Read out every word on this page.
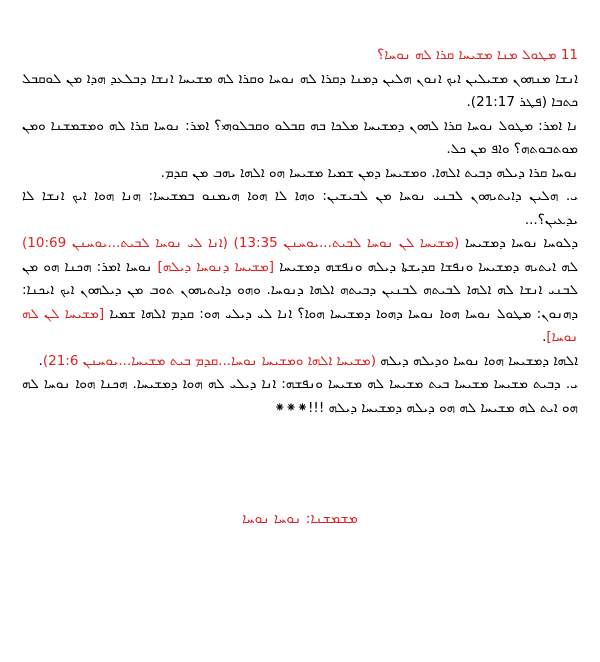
11 ܡܛܘܠ ܡܢܐ ܡܫܝܚܐ ܩܪܐ ܠܗ ܢܘܚܐ؟

ܐܢܫܐ ܡܢܗܘܢ ܡܫܝܠܝܢ ܐܝܟ ܐܢܘܢ ܗܠܝܢ ܕܡܢܐ ܕܩܪܐ ܠܗ ܢܘܚܐ ܘܩܪܐ ܠܗ ܡܫܝܚܐ ܐܢܫܐ ܕܒܠܥܕ ܗܕܐ ܡܢ ܠܘܩܒܠ ܟܬܒܐ (ܦܛܪ 21:17).

ܢܐ ܐܡܪ: ܡܛܘܠ ܢܘܚܐ ܩܪܐ ܠܗܘܢ ܕܡܫܝܚܐ ܡܠܟܐ ܒܗ ܩܒܠܘ ܘܩܒܠܘܗܝ؟ ܐܡܪ: ܢܘܚܐ ܩܪܐ ܠܗ ܘܡܫܡܫܢܐ ܘܡܢ ܡܘܬܒܘܬܗ؟ ܘܐܦ ܡܢ ܟܠ.

ܢܘܚܐ ܩܪܐ ܕܝܠܗ ܕܒܝܬ ܐܠܗܐ. ܘܡܫܝܚܐ ܕܡܢ ܫܡܝܐ ܡܫܝܚܐ ܗܘ ܐܠܗܐ ܝܗܒ ܡܢ ܩܕܡ.

ܝ. ܗܠܝܢ ܕܐܝܬܝܗܘܢ ܠܒܢܝ ܢܘܚܐ ܡܢ ܠܒܝܫܝܢ: ܘܗܐ ܠܐ ܗܘܐ ܗܝܡܢܘ ܒܡܫܝܚܐ: ܗܢܐ ܗܘܐ ܐܝܟ ܐܢܫܐ ܠܐ ܝܕܥܝܢ؟...

ܕܠܘܚܐ ܢܘܚܐ ܕܡܫܝܚܐ (ܡܫܝܚܐ ܠܢ ܢܘܚܐ ܠܒܝܬ...ܝܘܚܢܢ 13:35) (ܐܢܐ ܠܝ ܢܘܚܐ ܠܒܝܬ...ܝܘܚܢܢ 10:69) ܠܗ ܐܝܬܝܗ ܕܡܫܝܚܐ ܘܢܦܫܐ ܩܕܝܫܬܐ ܕܝܠܗ ܘܢܦܫܗ ܕܡܫܝܚܐ [ܡܫܝܚܐ ܕܢܘܚܐ ܕܝܠܗ] ܢܘܚܐ ܐܡܪ: ܗܟܢܐ ܗܘ ܡܢ ܠܒܢܝ ܐܢܫܐ ܠܗ ܐܠܗܐ ܠܒܝܬܗ ܠܒܢܝܢ ܕܒܝܬܗ ܐܠܗܐ ܕܢܘܚܐ. ܘܗܘ ܕܐܝܬܝܗܘܢ ܬܘܒ ܡܢ ܕܝܠܗܘܢ ܐܝܟ ܐܝܟܢܐ: ܕܗܢܘܢ: ܡܛܘܠ ܢܘܚܐ ܗܘܐ ܢܘܚܐ ܕܗܘܐ ܕܡܫܝܚܐ ܗܘܐ؟ ܐܢܐ ܠܝ ܕܝܠܝ ܗܘ: ܩܕܡ ܐܠܗܐ ܫܡܝܐ [ܡܫܝܚܐ ܠܢ ܠܗ ܢܘܚܐ].

ܐܠܗܐ ܕܡܫܝܚܐ ܗܘܐ ܢܘܚܐ ܘܕܝܠܗ ܕܝܠܗ (ܡܫܝܚܐ ܐܠܗܐ ܘܡܫܝܚܐ ܢܘܚܐ...ܩܕܡ ܒܝܬ ܡܫܝܚܐ...ܝܘܚܢܢ 21:6).

ܝ. ܕܒܝܬ ܡܫܝܚܐ ܡܫܝܚܐ ܒܝܬ ܡܫܝܚܐ ܠܗ ܡܫܝܚܐ ܘܢܦܫܗ: ܐܢܐ ܕܝܠܝ ܠܗ ܗܘܐ ܕܡܫܝܚܐ. ܗܟܢܐ ܗܘܐ ܢܘܚܐ ܠܗ ܗܘ ܐܝܬ ܠܗ ܡܫܝܚܐ ܠܗ ܗܘ ܕܝܠܗ ܕܡܫܝܚܐ ܕܝܠܗ !!!⁕⁕⁕

ܡܫܡܫܢܐ: ܢܘܚܐ ܢܘܚܐ
